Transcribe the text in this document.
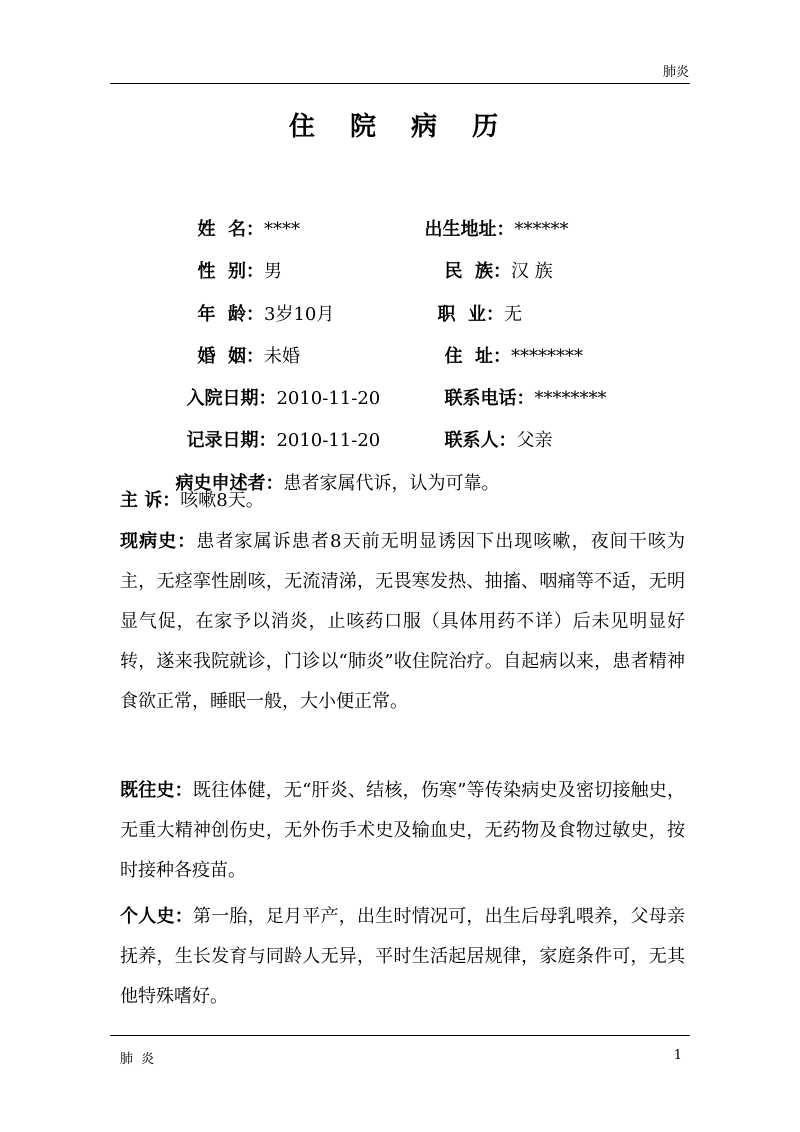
肺炎
住 院 病 历

姓  名：****	出生地址：******

性  别：男	民  族：汉 族

年  龄：3岁10月	职  业：无

婚  姻：未婚	住  址：********

入院日期：2010-11-20	联系电话：********

记录日期：2010-11-20	联系人：父亲

病史申述者：患者家属代诉，认为可靠。

主 诉：咳嗽8天。
现病史：患者家属诉患者8天前无明显诱因下出现咳嗽，夜间干咳为主，无痉挛性剧咳，无流清涕，无畏寒发热、抽搐、咽痛等不适，无明显气促，在家予以消炎，止咳药口服（具体用药不详）后未见明显好转，遂来我院就诊，门诊以“肺炎”收住院治疗。自起病以来，患者精神食欲正常，睡眠一般，大小便正常。
既往史：既往体健，无“肝炎、结核，伤寒”等传染病史及密切接触史，无重大精神创伤史，无外伤手术史及输血史，无药物及食物过敏史，按时接种各疫苗。
个人史：第一胎，足月平产，出生时情况可，出生后母乳喂养，父母亲抚养，生长发育与同龄人无异，平时生活起居规律，家庭条件可，无其他特殊嗜好。
肺炎	1
